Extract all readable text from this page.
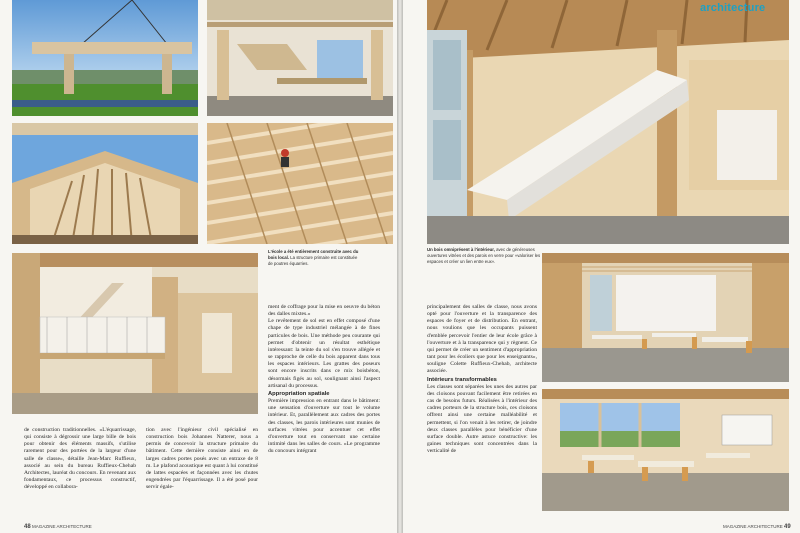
L'école a été entièrement construite avec du bois local. La structure primaire est constituée de poutres équarries.
de construction traditionnelles. «L'équarrissage, qui consiste à dégrossir une large bille de bois pour obtenir des éléments massifs, s'utilise rarement pour des portées de la largeur d'une salle de classe», détaille Jean-Marc Ruffieux, associé au sein du bureau Ruffieux-Chehab Architectes, lauréat du concours. En revenant aux fondamentaux, ce processus constructif, développé en collabora-
tion avec l'ingénieur civil spécialisé en construction bois Johannes Natterer, nous a permis de concevoir la structure primaire du bâtiment. Cette dernière consiste ainsi en de larges cadres portes posés avec un entraxe de 8 m. Le plafond acoustique est quant à lui constitué de lattes espacées et façonnées avec les chutes engendrées par l'équarrissage. Il a été posé pour servir égale-
ment de coffrage pour la mise en oeuvre du béton des dalles mixtes.»
Le revêtement de sol est en effet composé d'une chape de type industriel mélangée à de fines particules de bois. Une méthode peu courante qui permet d'obtenir un résultat esthétique intéressant: la teinte du sol s'en trouve allégée et se rapproche de celle du bois apparent dans tous les espaces intérieurs. Les grattes des poseurs sont encore inscrits dans ce mix boisbéton, désormais figés au sol, soulignant ainsi l'aspect artisanal du processus.
Appropriation spatiale
Première impression en entrant dans le bâtiment: une sensation d'ouverture sur tout le volume intérieur. Et, parallèlement aux cadres des portes des classes, les parois intérieures sont munies de surfaces vitrées pour accentuer cet effet d'ouverture tout en conservant une certaine intimité dans les salles de cours. «Le programme du concours intégrant
48 MAGAZINE ARCHITECTURE
architecture
Un bois omniprésent à l'intérieur, avec de généreuses ouvertures vitrées et des parois en verre pour «valoriser les espaces et créer un lien entre eux».
principalement des salles de classe, nous avons opté pour l'ouverture et la transparence des espaces de foyer et de distribution. En entrant, nous voulions que les occupants puissent d'emblée percevoir l'entier de leur école grâce à l'ouverture et à la transparence qui y règnent. Ce qui permet de créer un sentiment d'appropriation tant pour les écoliers que pour les enseignants», souligne Colette Ruffieux-Chehab, architecte associée.
Intérieurs transformables
Les classes sont séparées les unes des autres par des cloisons pouvant facilement être retirées en cas de besoins futurs. Réalisées à l'intérieur des cadres porteurs de la structure bois, ces cloisons offrent ainsi une certaine malléabilité et permettent, si l'on venait à les retirer, de joindre deux classes parallèles pour bénéficier d'une surface double. Autre astuce constructive: les gaines techniques sont concentrées dans la verticalité de
MAGAZINE ARCHITECTURE 49
